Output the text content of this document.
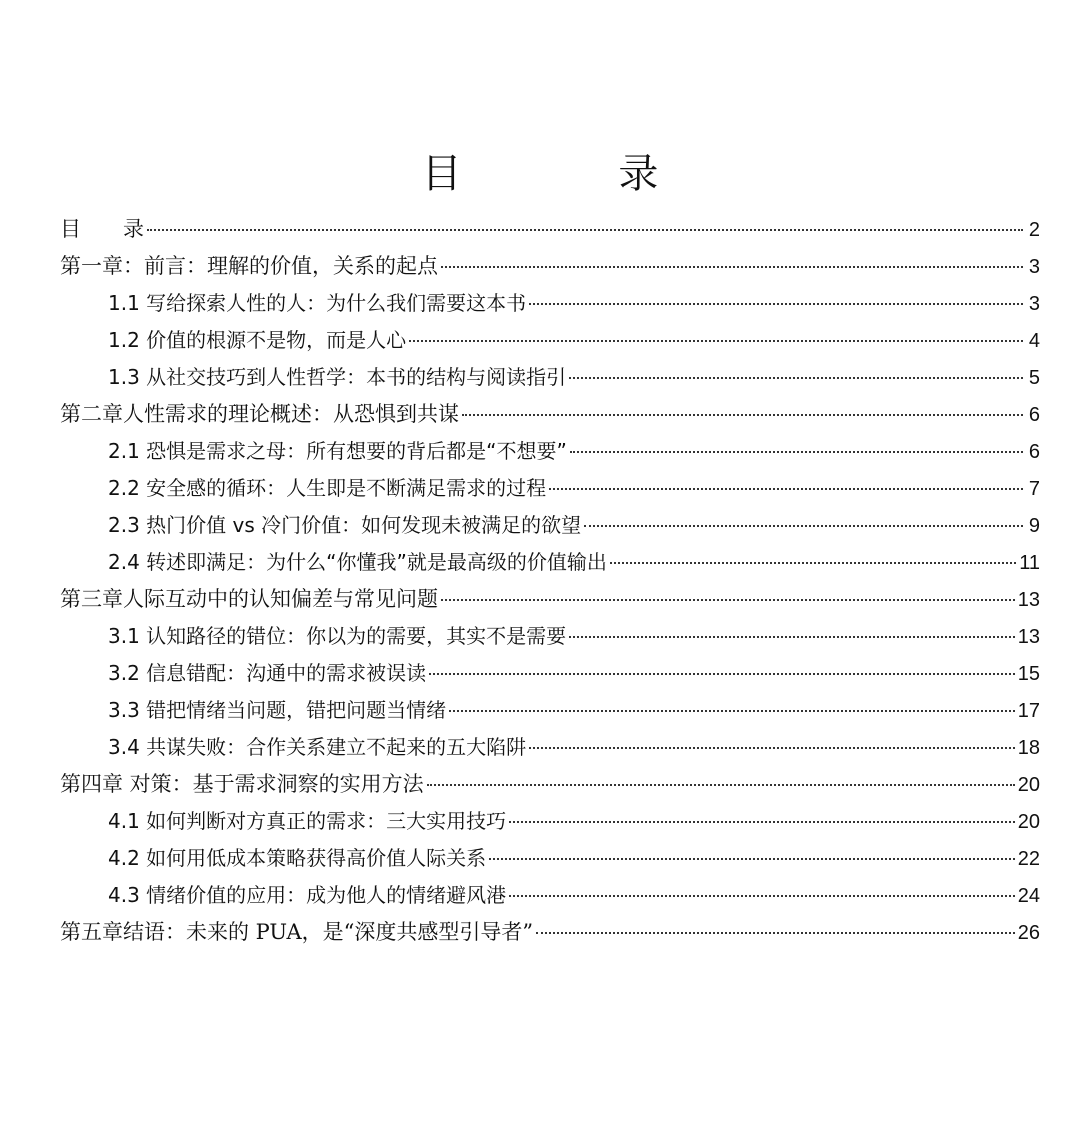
目 录
目　　录	2
第一章：前言：理解的价值，关系的起点	3
1.1 写给探索人性的人：为什么我们需要这本书	3
1.2 价值的根源不是物，而是人心	4
1.3 从社交技巧到人性哲学：本书的结构与阅读指引	5
第二章人性需求的理论概述：从恐惧到共谋	6
2.1 恐惧是需求之母：所有想要的背后都是“不想要”	6
2.2 安全感的循环：人生即是不断满足需求的过程	7
2.3 热门价值 vs 冷门价值：如何发现未被满足的欲望	9
2.4 转述即满足：为什么“你懂我”就是最高级的价值输出	11
第三章人际互动中的认知偏差与常见问题	13
3.1 认知路径的错位：你以为的需要，其实不是需要	13
3.2 信息错配：沟通中的需求被误读	15
3.3 错把情绪当问题，错把问题当情绪	17
3.4 共谋失败：合作关系建立不起来的五大陷阱	18
第四章 对策：基于需求洞察的实用方法	20
4.1 如何判断对方真正的需求：三大实用技巧	20
4.2 如何用低成本策略获得高价值人际关系	22
4.3 情绪价值的应用：成为他人的情绪避风港	24
第五章结语：未来的 PUA，是“深度共感型引导者”	26
